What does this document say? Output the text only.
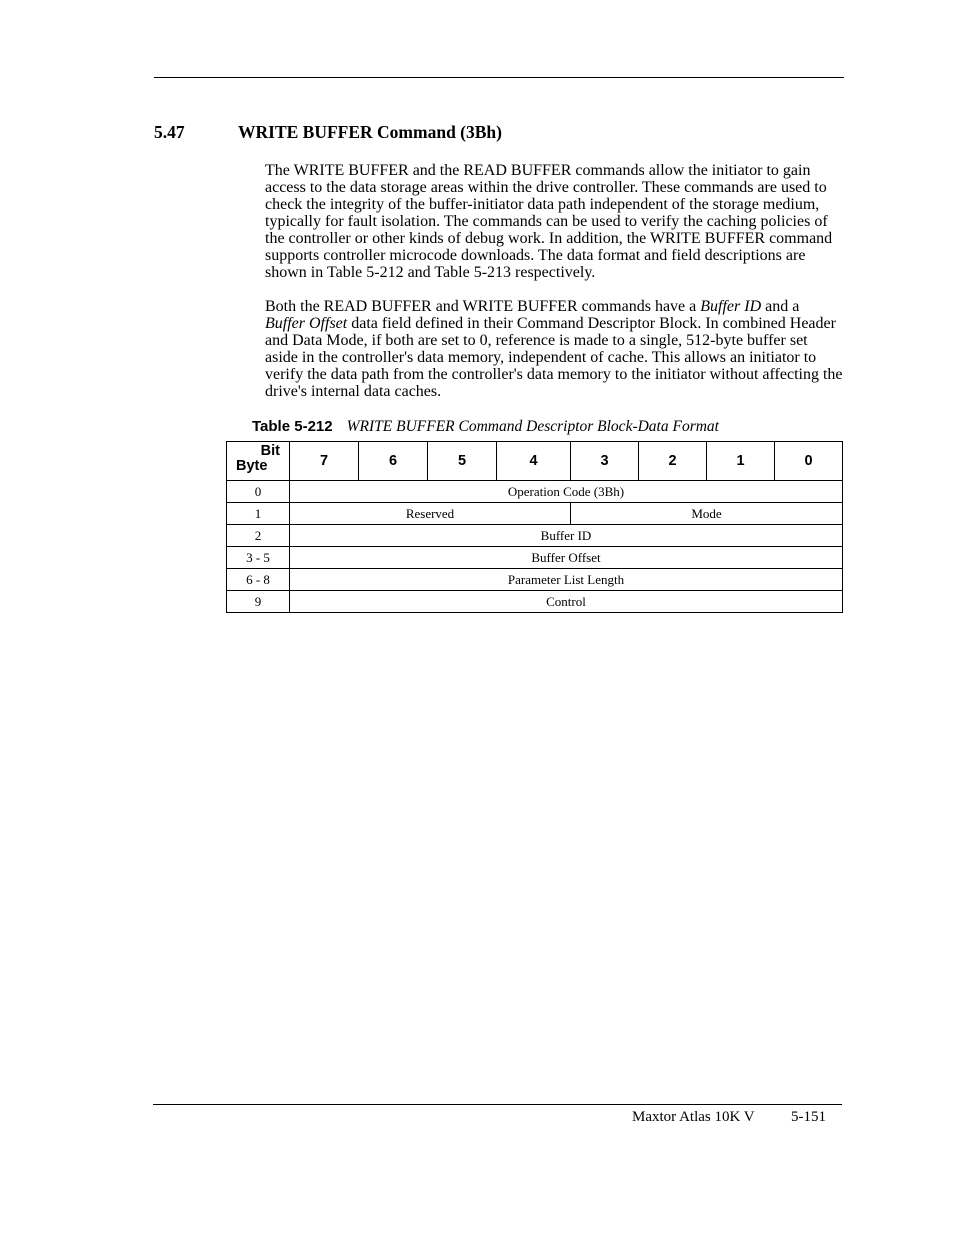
5.47	WRITE BUFFER Command (3Bh)

The WRITE BUFFER and the READ BUFFER commands allow the initiator to gain access to the data storage areas within the drive controller. These commands are used to check the integrity of the buffer-initiator data path independent of the storage medium, typically for fault isolation. The commands can be used to verify the caching policies of the controller or other kinds of debug work. In addition, the WRITE BUFFER command supports controller microcode downloads. The data format and field descriptions are shown in Table 5-212 and Table 5-213 respectively.

Both the READ BUFFER and WRITE BUFFER commands have a Buffer ID and a Buffer Offset data field defined in their Command Descriptor Block. In combined Header and Data Mode, if both are set to 0, reference is made to a single, 512-byte buffer set aside in the controller's data memory, independent of cache. This allows an initiator to verify the data path from the controller's data memory to the initiator without affecting the drive's internal data caches.

Table 5-212 WRITE BUFFER Command Descriptor Block-Data Format
Bit
Byte	7	6	5	4	3	2	1	0
0	Operation Code (3Bh)							
1	Reserved				Mode			
2	Buffer ID							
3 - 5	Buffer Offset							
6 - 8	Parameter List Length							
9	Control							
Maxtor Atlas 10K V 5-151
